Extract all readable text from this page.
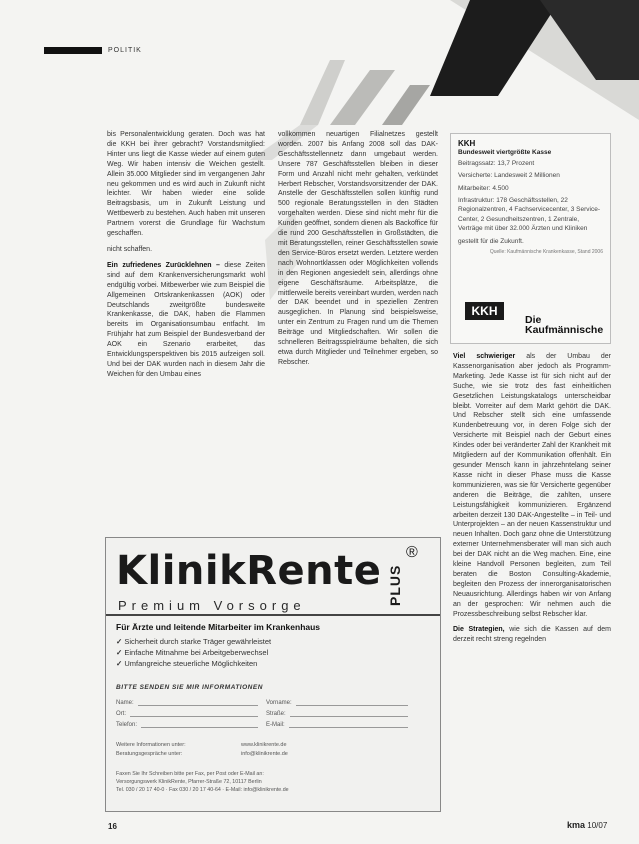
POLITIK

bis Personalentwicklung geraten. Doch was hat die KKH bei ihrer gebracht? Vorstandsmitglied: Hinter uns liegt die Kasse wieder auf einem guten Weg. Wir haben intensiv die Weichen gestellt. Allein 35.000 Mitglieder sind im vergangenen Jahr neu gekommen und es wird auch in Zukunft nicht leichter. Wir haben wieder eine solide Beitragsbasis, um in Zukunft Leistung und Wettbewerb zu bestehen. Auch haben mit unseren Partnern vorerst die Grundlage für Wachstum geschaffen.

nicht schaffen.

Ein zufriedenes Zurücklehnen – diese Zeiten sind auf dem Krankenversicherungsmarkt wohl endgültig vorbei. Mitbewerber wie zum Beispiel die Allgemeinen Ortskrankenkassen (AOK) oder Deutschlands zweitgrößte bundesweite Krankenkasse, die DAK, haben die Flammen bereits im Organisationsumbau entfacht. Im Frühjahr hat zum Beispiel der Bundesverband der AOK ein Szenario erarbeitet, das Entwicklungsperspektiven bis 2015 aufzeigen soll. Und bei der DAK wurden nach in diesem Jahr die Weichen für den Umbau eines

vollkommen neuartigen Filialnetzes gestellt worden. 2007 bis Anfang 2008 soll das DAK-Geschäftsstellennetz dann umgebaut werden. Unsere 787 Geschäftsstellen bleiben in dieser Form und Anzahl nicht mehr gehalten, verkündet Herbert Rebscher, Vorstandsvorsitzender der DAK. Anstelle der Geschäftsstellen sollen künftig rund 500 regionale Beratungsstellen in den Städten vorgehalten werden. Diese sind nicht mehr für die Kunden geöffnet, sondern dienen als Backoffice für die rund 200 Geschäftsstellen in Großstädten, die mit Beratungsstellen, reiner Geschäftsstellen sowie den Service-Büros ersetzt werden. Letztere werden nach Wohnortklassen oder Möglichkeiten vollends in den Regionen angesiedelt sein, allerdings ohne eigene Geschäftsräume. Arbeitsplätze, die mittlerweile bereits vereinbart wurden, werden nach der DAK beendet und in speziellen Zentren ausgeglichen. In Planung sind beispielsweise, unter ein Zentrum zu Fragen rund um die Themen Beiträge und Mitgliedschaften. Wir sollen die schnelleren Beitragsspielräume behalten, die sich etwa durch Mitglieder und Teilnehmer ergeben, so Rebscher.

KKH
Bundesweit viertgrößte Kasse

Beitragssatz: 13,7 Prozent

Versicherte: Landesweit 2 Millionen

Mitarbeiter: 4.500

Infrastruktur: 178 Geschäftsstellen, 22 Regionalzentren, 4 Fachservicecenter, 3 Service-Center, 2 Gesundheitszentren, 1 Zentrale, Verträge mit über 32.000 Ärzten und Kliniken

gestellt für die Zukunft.

Quelle: Kaufmännische Krankenkasse, Stand 2006
KKH
Die Kaufmännische

Viel schwieriger als der Umbau der Kassenorganisation aber jedoch als Programm-Marketing. Jede Kasse ist für sich nicht auf der Suche, wie sie trotz des fast einheitlichen Gesetzlichen Leistungskatalogs unterscheidbar bleibt. Vorreiter auf dem Markt gehört die DAK. Und Rebscher stellt sich eine umfassende Kundenbetreuung vor, in deren Folge sich der Versicherte mit Beispiel nach der Geburt eines Kindes oder bei veränderter Zahl der Krankheit mit Mitgliedern auf der Kommunikation offenhält. Ein gesunder Mensch kann in jahrzehntelang seiner Kasse nicht in dieser Phase muss die Kasse kommunizieren, was sie für Versicherte gegenüber anderen die Beiträge, die zahlten, unsere Leistungsfähigkeit kommunizieren. Ergänzend arbeiten derzeit 130 DAK-Angestellte – in Teil- und Unterprojekten – an der neuen Kassenstruktur und neuen Inhalten. Doch ganz ohne die Unterstützung externer Unternehmensberater will man sich auch bei der DAK nicht an die Weg machen. Eine, eine kleine Handvoll Personen begleiten, zum Teil beraten die Boston Consulting-Akademie, begleiten den Prozess der innerorganisatorischen Neuausrichtung. Allerdings haben wir von Anfang an der gesprochen: Wir nehmen auch die Prozessbeschreibung selbst Rebscher klar.

Die Strategien, wie sich die Kassen auf dem derzeit recht streng regelnden

KlinikRente PLUS
®
Premium Vorsorge
Für Ärzte und leitende Mitarbeiter im Krankenhaus
✓ Sicherheit durch starke Träger gewährleistet
✓ Einfache Mitnahme bei Arbeitgeberwechsel
✓ Umfangreiche steuerliche Möglichkeiten
BITTE SENDEN SIE MIR INFORMATIONEN
Name:	Vorname:
Ort:	Straße:
Telefon:	E-Mail:
Weitere Informationen unter:	www.klinikrente.de
Beratungsgespräche unter:	info@klinikrente.de
Faxen Sie Ihr Schreiben bitte per Fax, per Post oder E-Mail an:
Versorgungswerk KlinikRente, Pfarrer-Straße 72, 10117 Berlin
Tel. 030 / 20 17 40-0 · Fax 030 / 20 17 40-64 · E-Mail: info@klinikrente.de
16	kma 10/07
